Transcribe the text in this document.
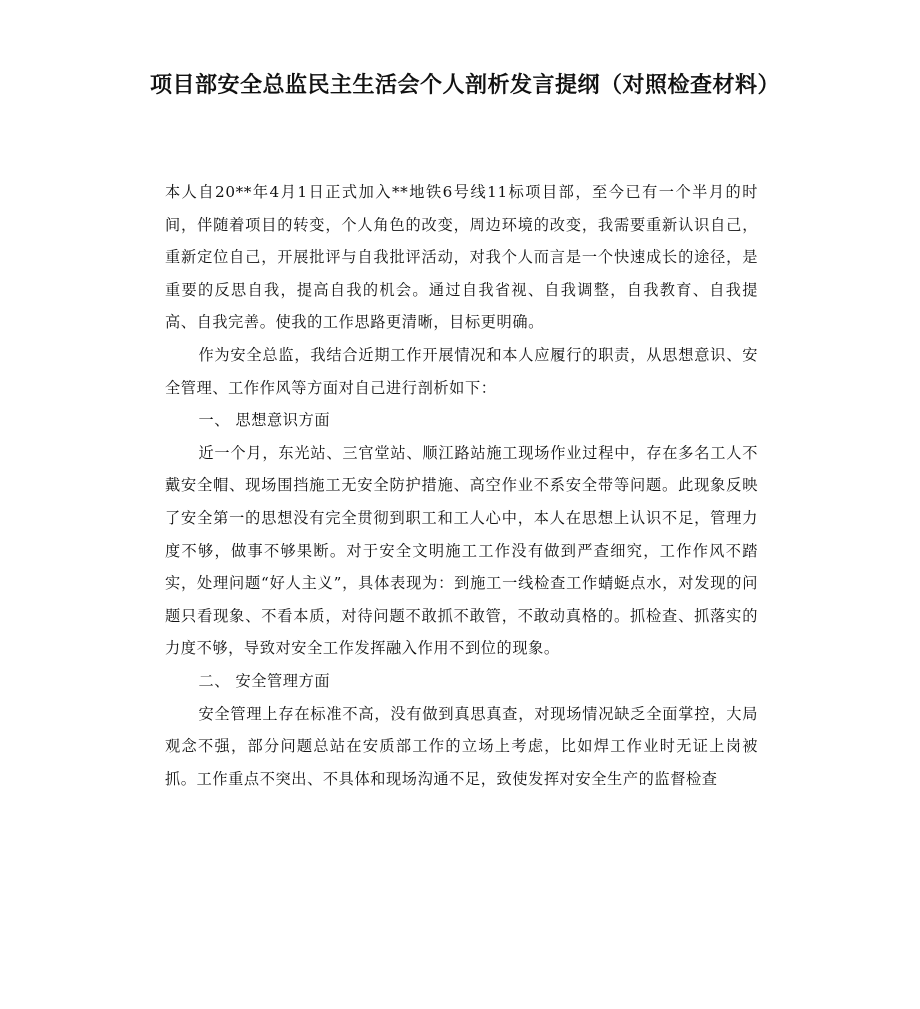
项目部安全总监民主生活会个人剖析发言提纲（对照检查材料）

本人自20**年4月1日正式加入**地铁6号线11标项目部，至今已有一个半月的时间，伴随着项目的转变，个人角色的改变，周边环境的改变，我需要重新认识自己，重新定位自己，开展批评与自我批评活动，对我个人而言是一个快速成长的途径，是重要的反思自我，提高自我的机会。通过自我省视、自我调整，自我教育、自我提高、自我完善。使我的工作思路更清晰，目标更明确。

作为安全总监，我结合近期工作开展情况和本人应履行的职责，从思想意识、安全管理、工作作风等方面对自己进行剖析如下：

一、 思想意识方面

近一个月，东光站、三官堂站、顺江路站施工现场作业过程中，存在多名工人不戴安全帽、现场围挡施工无安全防护措施、高空作业不系安全带等问题。此现象反映了安全第一的思想没有完全贯彻到职工和工人心中，本人在思想上认识不足，管理力度不够，做事不够果断。对于安全文明施工工作没有做到严查细究，工作作风不踏实，处理问题“好人主义”，具体表现为：到施工一线检查工作蜻蜓点水，对发现的问题只看现象、不看本质，对待问题不敢抓不敢管，不敢动真格的。抓检查、抓落实的力度不够，导致对安全工作发挥融入作用不到位的现象。

二、 安全管理方面

安全管理上存在标准不高，没有做到真思真查，对现场情况缺乏全面掌控，大局观念不强，部分问题总站在安质部工作的立场上考虑，比如焊工作业时无证上岗被抓。工作重点不突出、不具体和现场沟通不足，致使发挥对安全生产的监督检查
